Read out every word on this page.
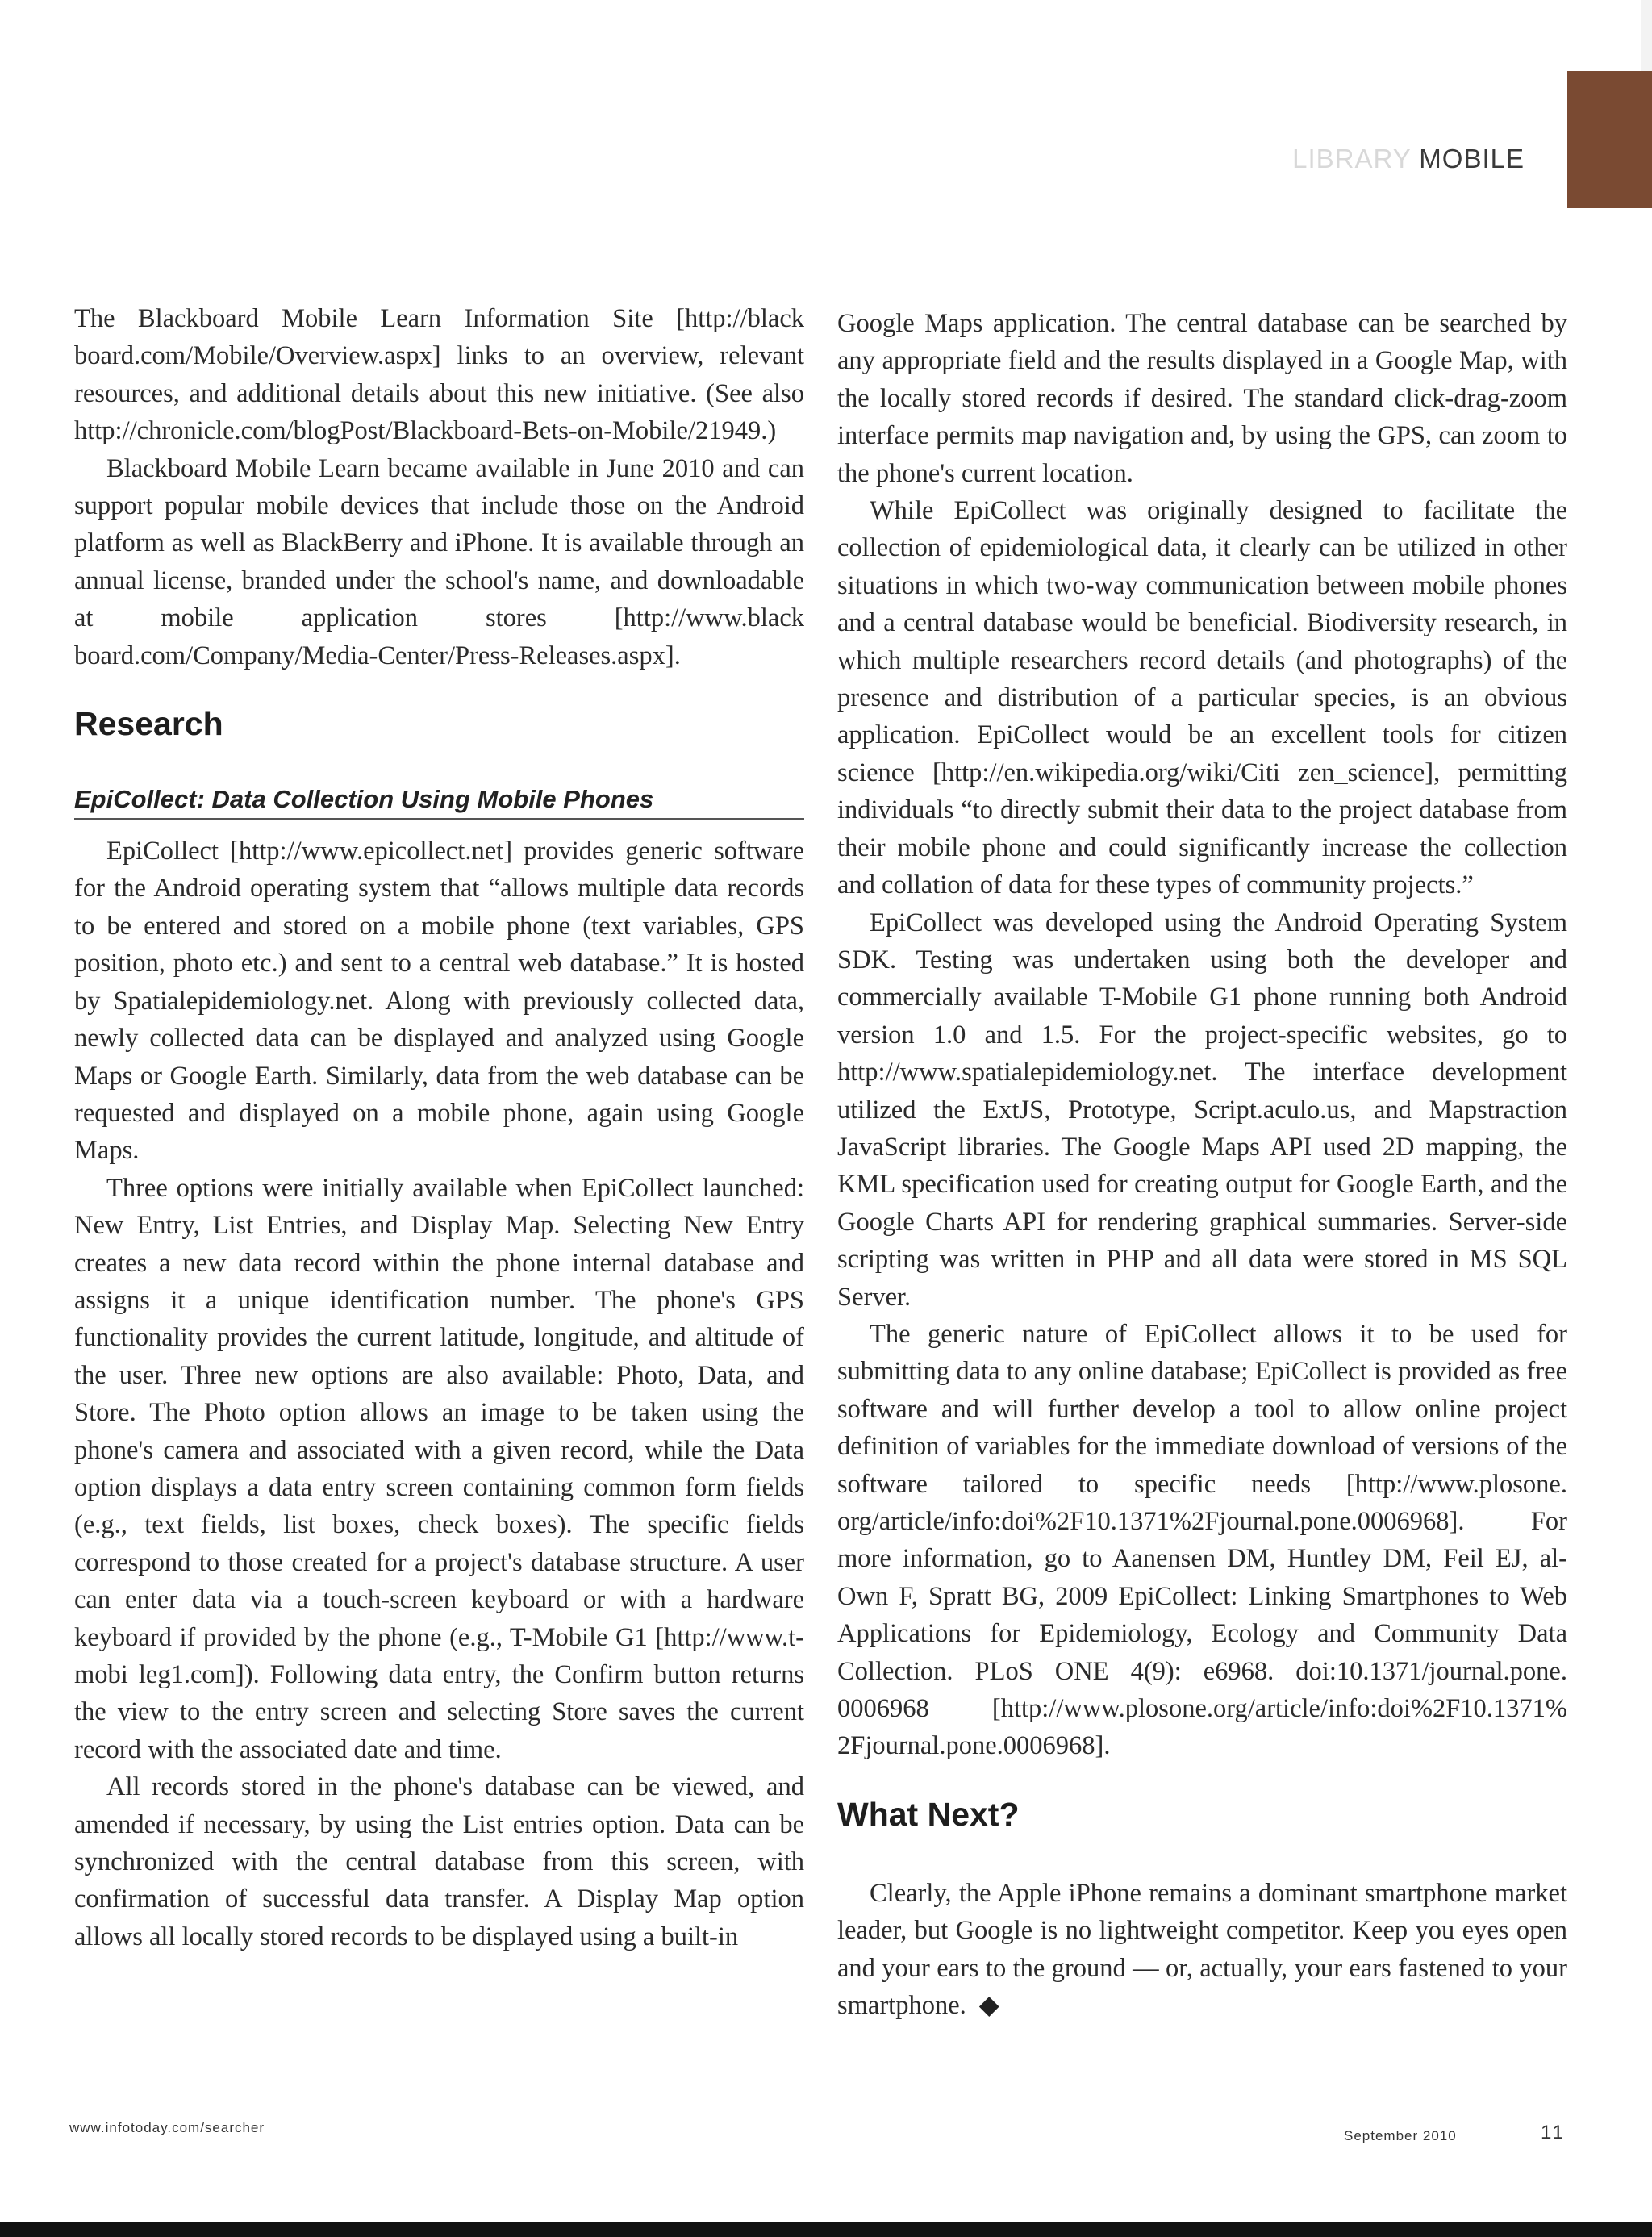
LIBRARY MOBILE

The Blackboard Mobile Learn Information Site [http://black board.com/Mobile/Overview.aspx] links to an overview, relevant resources, and additional details about this new initiative. (See also http://chronicle.com/blogPost/Blackboard-Bets-on-Mobile/21949.)

Blackboard Mobile Learn became available in June 2010 and can support popular mobile devices that include those on the Android platform as well as BlackBerry and iPhone. It is available through an annual license, branded under the school's name, and downloadable at mobile application stores [http://www.black board.com/Company/Media-Center/Press-Releases.aspx].

Research
EpiCollect: Data Collection Using Mobile Phones

EpiCollect [http://www.epicollect.net] provides generic software for the Android operating system that “allows multiple data records to be entered and stored on a mobile phone (text variables, GPS position, photo etc.) and sent to a central web database.” It is hosted by Spatialepidemiology.net. Along with previously collected data, newly collected data can be displayed and analyzed using Google Maps or Google Earth. Similarly, data from the web database can be requested and displayed on a mobile phone, again using Google Maps.

Three options were initially available when EpiCollect launched: New Entry, List Entries, and Display Map. Selecting New Entry creates a new data record within the phone internal database and assigns it a unique identification number. The phone's GPS functionality provides the current latitude, longitude, and altitude of the user. Three new options are also available: Photo, Data, and Store. The Photo option allows an image to be taken using the phone's camera and associated with a given record, while the Data option displays a data entry screen containing common form fields (e.g., text fields, list boxes, check boxes). The specific fields correspond to those created for a project's database structure. A user can enter data via a touch-screen keyboard or with a hardware keyboard if provided by the phone (e.g., T-Mobile G1 [http://www.t-mobi leg1.com]). Following data entry, the Confirm button returns the view to the entry screen and selecting Store saves the current record with the associated date and time.

All records stored in the phone's database can be viewed, and amended if necessary, by using the List entries option. Data can be synchronized with the central database from this screen, with confirmation of successful data transfer. A Display Map option allows all locally stored records to be displayed using a built-in

Google Maps application. The central database can be searched by any appropriate field and the results displayed in a Google Map, with the locally stored records if desired. The standard click-drag-zoom interface permits map navigation and, by using the GPS, can zoom to the phone's current location.

While EpiCollect was originally designed to facilitate the collection of epidemiological data, it clearly can be utilized in other situations in which two-way communication between mobile phones and a central database would be beneficial. Biodiversity research, in which multiple researchers record details (and photographs) of the presence and distribution of a particular species, is an obvious application. EpiCollect would be an excellent tools for citizen science [http://en.wikipedia.org/wiki/Citi zen_science], permitting individuals “to directly submit their data to the project database from their mobile phone and could significantly increase the collection and collation of data for these types of community projects.”

EpiCollect was developed using the Android Operating System SDK. Testing was undertaken using both the developer and commercially available T-Mobile G1 phone running both Android version 1.0 and 1.5. For the project-specific websites, go to http://www.spatialepidemiology.net. The interface development utilized the ExtJS, Prototype, Script.aculo.us, and Mapstraction JavaScript libraries. The Google Maps API used 2D mapping, the KML specification used for creating output for Google Earth, and the Google Charts API for rendering graphical summaries. Server-side scripting was written in PHP and all data were stored in MS SQL Server.

The generic nature of EpiCollect allows it to be used for submitting data to any online database; EpiCollect is provided as free software and will further develop a tool to allow online project definition of variables for the immediate download of versions of the software tailored to specific needs [http://www.plosone. org/article/info:doi%2F10.1371%2Fjournal.pone.0006968]. For more information, go to Aanensen DM, Huntley DM, Feil EJ, al-Own F, Spratt BG, 2009 EpiCollect: Linking Smartphones to Web Applications for Epidemiology, Ecology and Community Data Collection. PLoS ONE 4(9): e6968. doi:10.1371/journal.pone. 0006968 [http://www.plosone.org/article/info:doi%2F10.1371% 2Fjournal.pone.0006968].

What Next?

Clearly, the Apple iPhone remains a dominant smartphone market leader, but Google is no lightweight competitor. Keep you eyes open and your ears to the ground — or, actually, your ears fastened to your smartphone. ◆

www.infotoday.com/searcher
September 2010	11
